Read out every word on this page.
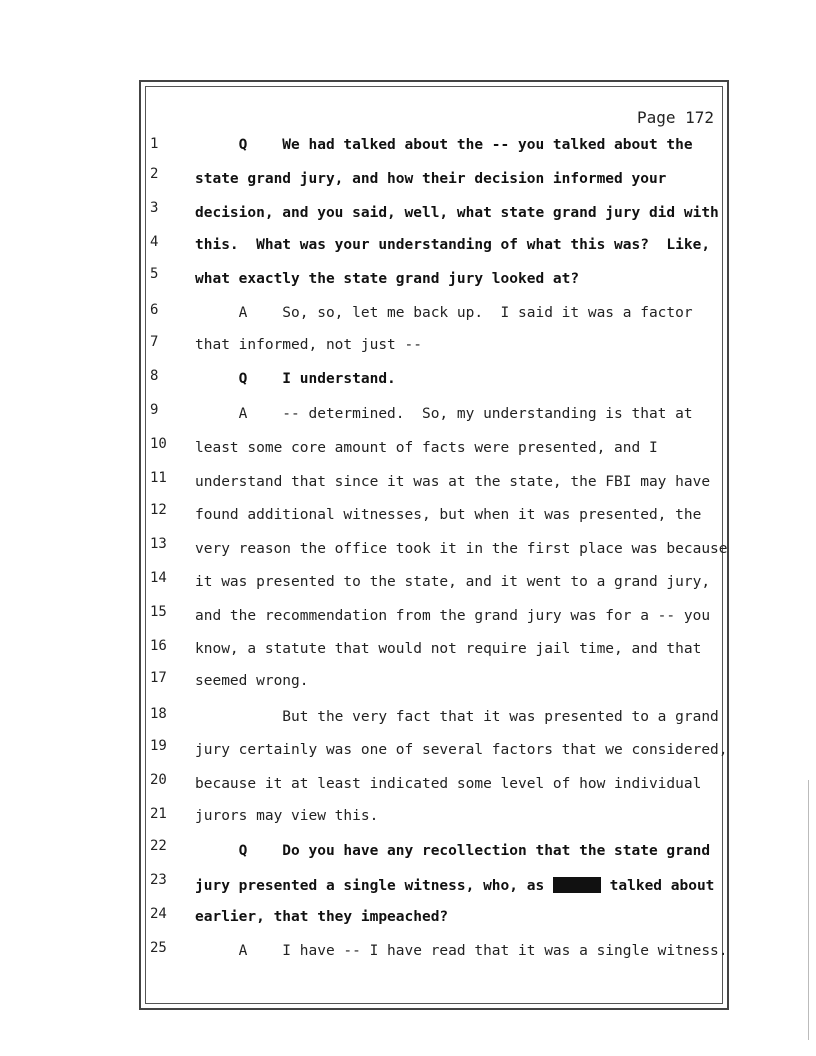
Page 172
1
2
3
4
5
6
7
8
9
10
11
12
13
14
15
16
17
18
19
20
21
22
23
24
25
Q    We had talked about the -- you talked about the
state grand jury, and how their decision informed your
decision, and you said, well, what state grand jury did with
this.  What was your understanding of what this was?  Like,
what exactly the state grand jury looked at?
A    So, so, let me back up.  I said it was a factor
that informed, not just --
Q    I understand.
A    -- determined.  So, my understanding is that at
least some core amount of facts were presented, and I
understand that since it was at the state, the FBI may have
found additional witnesses, but when it was presented, the
very reason the office took it in the first place was because
it was presented to the state, and it went to a grand jury,
and the recommendation from the grand jury was for a -- you
know, a statute that would not require jail time, and that
seemed wrong.
But the very fact that it was presented to a grand
jury certainly was one of several factors that we considered,
because it at least indicated some level of how individual
jurors may view this.
Q    Do you have any recollection that the state grand
jury presented a single witness, who, as	talked about
earlier, that they impeached?
A    I have -- I have read that it was a single witness.
